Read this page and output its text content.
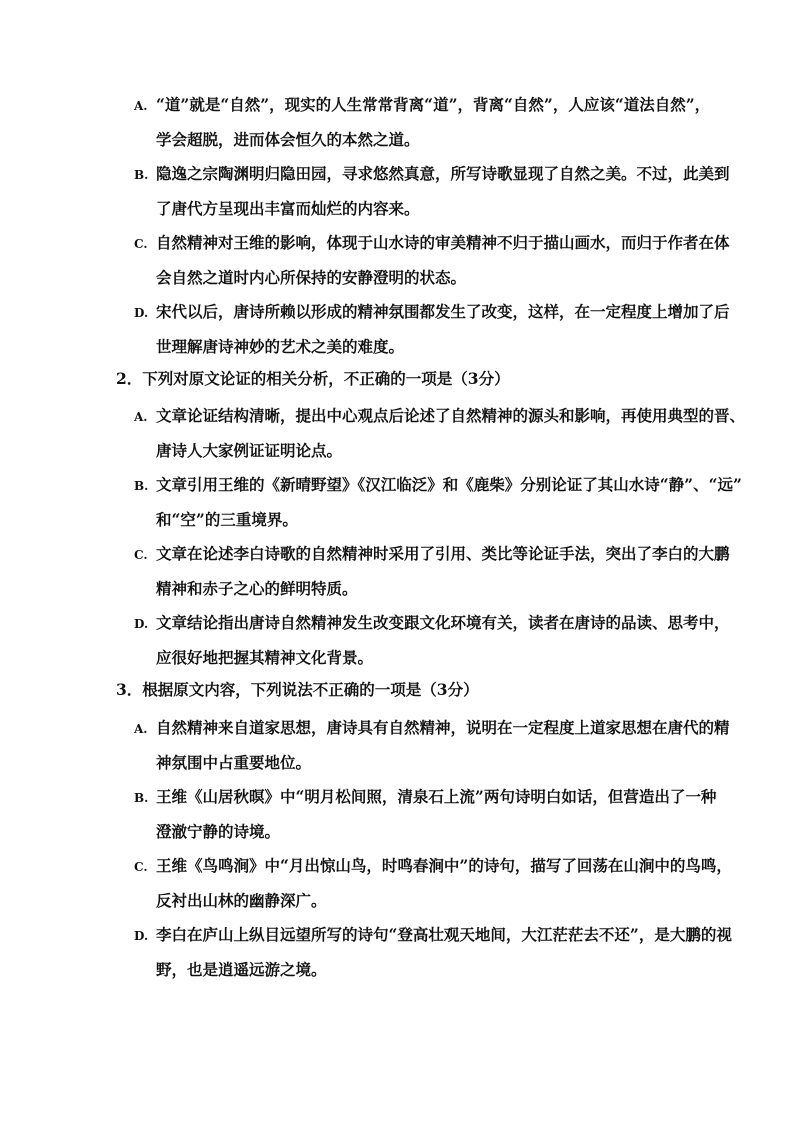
A. “道”就是“自然”，现实的人生常常背离“道”，背离“自然”，人应该“道法自然”，
学会超脱，进而体会恒久的本然之道。
B. 隐逸之宗陶渊明归隐田园，寻求悠然真意，所写诗歌显现了自然之美。不过，此美到
了唐代方呈现出丰富而灿烂的内容来。
C. 自然精神对王维的影响，体现于山水诗的审美精神不归于描山画水，而归于作者在体
会自然之道时内心所保持的安静澄明的状态。
D. 宋代以后，唐诗所赖以形成的精神氛围都发生了改变，这样，在一定程度上增加了后
世理解唐诗神妙的艺术之美的难度。
2．下列对原文论证的相关分析，不正确的一项是（3分）
A. 文章论证结构清晰，提出中心观点后论述了自然精神的源头和影响，再使用典型的晋、
唐诗人大家例证证明论点。
B. 文章引用王维的《新晴野望》《汉江临泛》和《鹿柴》分别论证了其山水诗“静”、“远”
和“空”的三重境界。
C. 文章在论述李白诗歌的自然精神时采用了引用、类比等论证手法，突出了李白的大鹏
精神和赤子之心的鲜明特质。
D. 文章结论指出唐诗自然精神发生改变跟文化环境有关，读者在唐诗的品读、思考中，
应很好地把握其精神文化背景。
3．根据原文内容，下列说法不正确的一项是（3分）
A. 自然精神来自道家思想，唐诗具有自然精神，说明在一定程度上道家思想在唐代的精
神氛围中占重要地位。
B. 王维《山居秋暝》中“明月松间照，清泉石上流”两句诗明白如话，但营造出了一种
澄澈宁静的诗境。
C. 王维《鸟鸣涧》中“月出惊山鸟，时鸣春涧中”的诗句，描写了回荡在山涧中的鸟鸣，
反衬出山林的幽静深广。
D. 李白在庐山上纵目远望所写的诗句“登高壮观天地间，大江茫茫去不还”，是大鹏的视
野，也是逍遥远游之境。
